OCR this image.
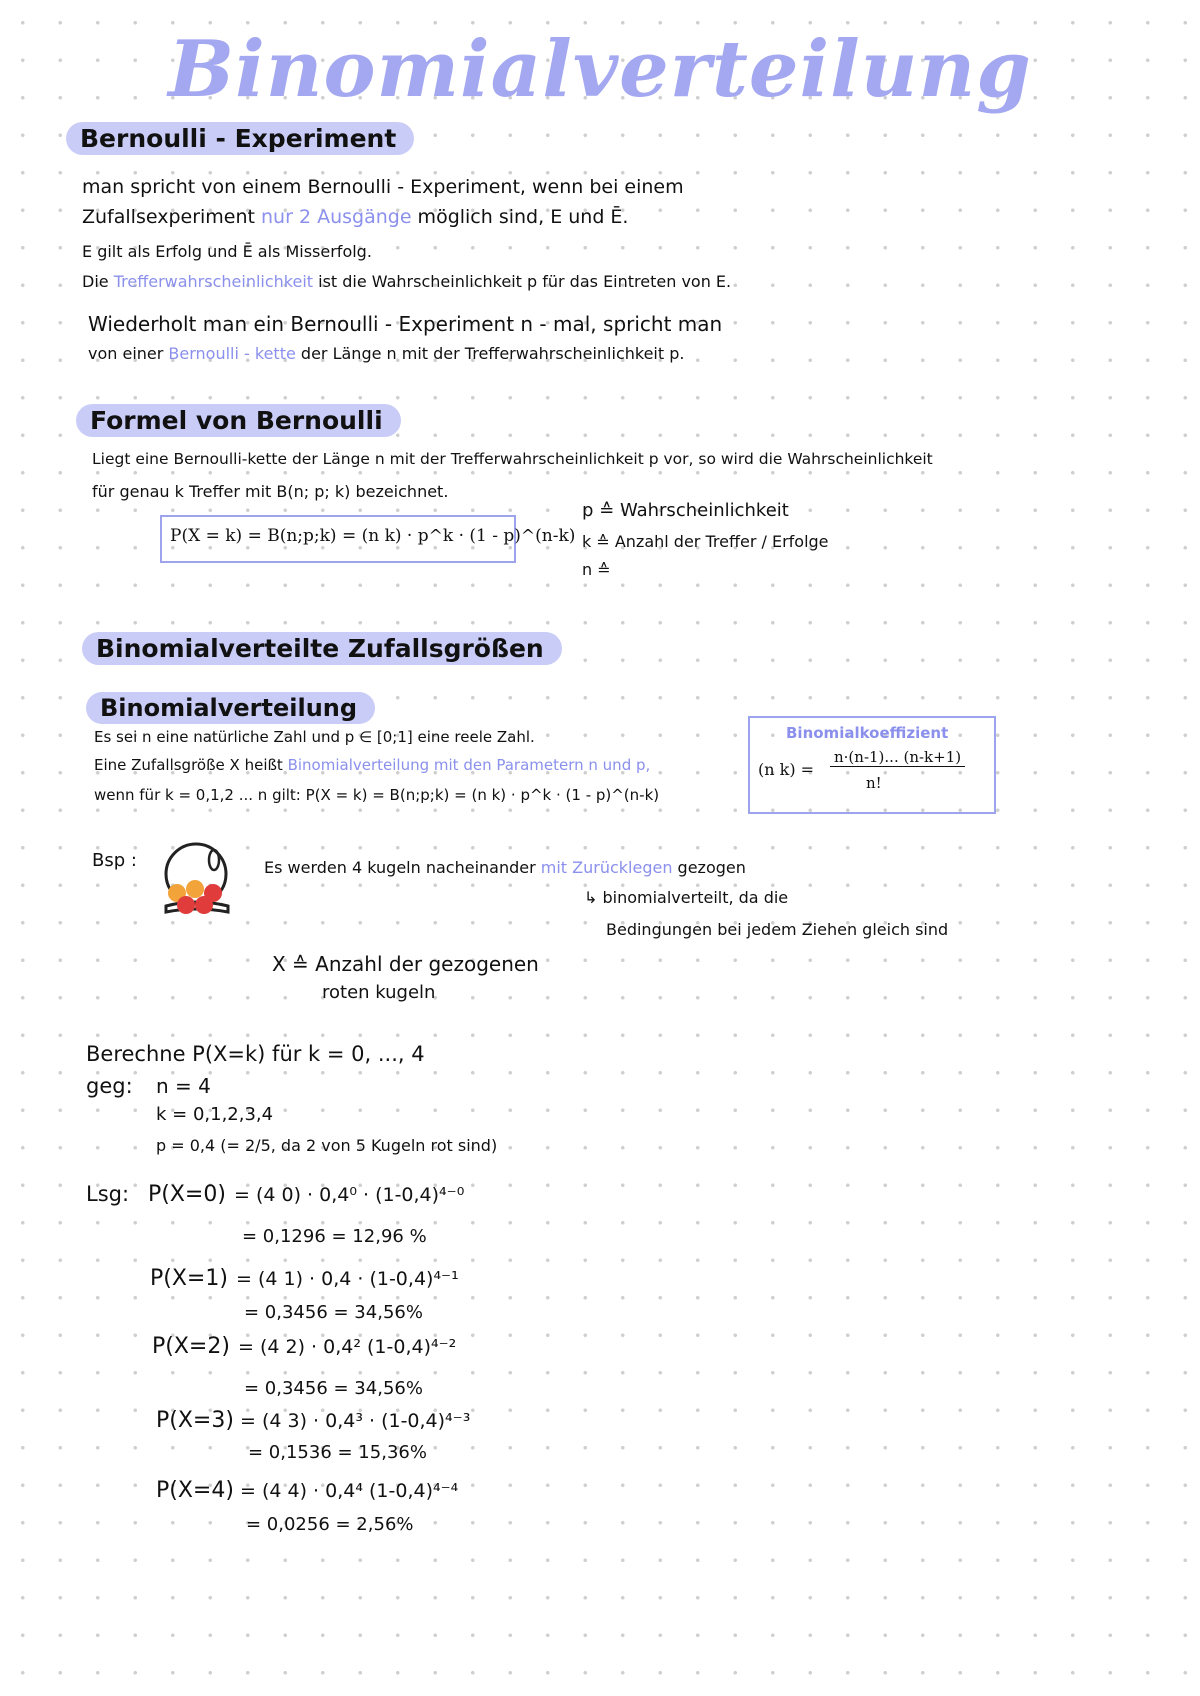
Binomialverteilung
Bernoulli - Experiment
man spricht von einem Bernoulli - Experiment, wenn bei einem
Zufallsexperiment nur 2 Ausgänge möglich sind, E und Ē.
E gilt als Erfolg und Ē als Misserfolg.
Die Trefferwahrscheinlichkeit ist die Wahrscheinlichkeit p für das Eintreten von E.
Wiederholt man ein Bernoulli - Experiment n - mal, spricht man
von einer Bernoulli - kette der Länge n mit der Trefferwahrscheinlichkeit p.
Formel von Bernoulli
Liegt eine Bernoulli-kette der Länge n mit der Trefferwahrscheinlichkeit p vor, so wird die Wahrscheinlichkeit
für genau k Treffer mit B(n; p; k) bezeichnet.
P(X = k) = B(n;p;k) = (n k) · p^k · (1 - p)^(n-k)
p ≙ Wahrscheinlichkeit
k ≙ Anzahl der Treffer / Erfolge
n ≙
Binomialverteilte Zufallsgrößen
Binomialverteilung
Es sei n eine natürliche Zahl und p ∈ [0;1] eine reele Zahl.
Eine Zufallsgröße X heißt Binomialverteilung mit den Parametern n und p,
wenn für k = 0,1,2 ... n gilt: P(X = k) = B(n;p;k) = (n k) · p^k · (1 - p)^(n-k)
Binomialkoeffizient
(n k) =
n·(n-1)... (n-k+1)
n!
Bsp :	Es werden 4 kugeln nacheinander mit Zurücklegen gezogen
↳ binomialverteilt, da die
Bedingungen bei jedem Ziehen gleich sind
X ≙ Anzahl der gezogenen
roten kugeln
Berechne P(X=k) für k = 0, ..., 4
geg: n = 4
k = 0,1,2,3,4
p = 0,4 (= 2/5, da 2 von 5 Kugeln rot sind)
Lsg: P(X=0) = (4 0) · 0,4⁰ · (1-0,4)⁴⁻⁰
= 0,1296 = 12,96 %
P(X=1) = (4 1) · 0,4 · (1-0,4)⁴⁻¹
= 0,3456 = 34,56%
P(X=2) = (4 2) · 0,4² (1-0,4)⁴⁻²
= 0,3456 = 34,56%
P(X=3) = (4 3) · 0,4³ · (1-0,4)⁴⁻³
= 0,1536 = 15,36%
P(X=4) = (4 4) · 0,4⁴ (1-0,4)⁴⁻⁴
= 0,0256 = 2,56%
